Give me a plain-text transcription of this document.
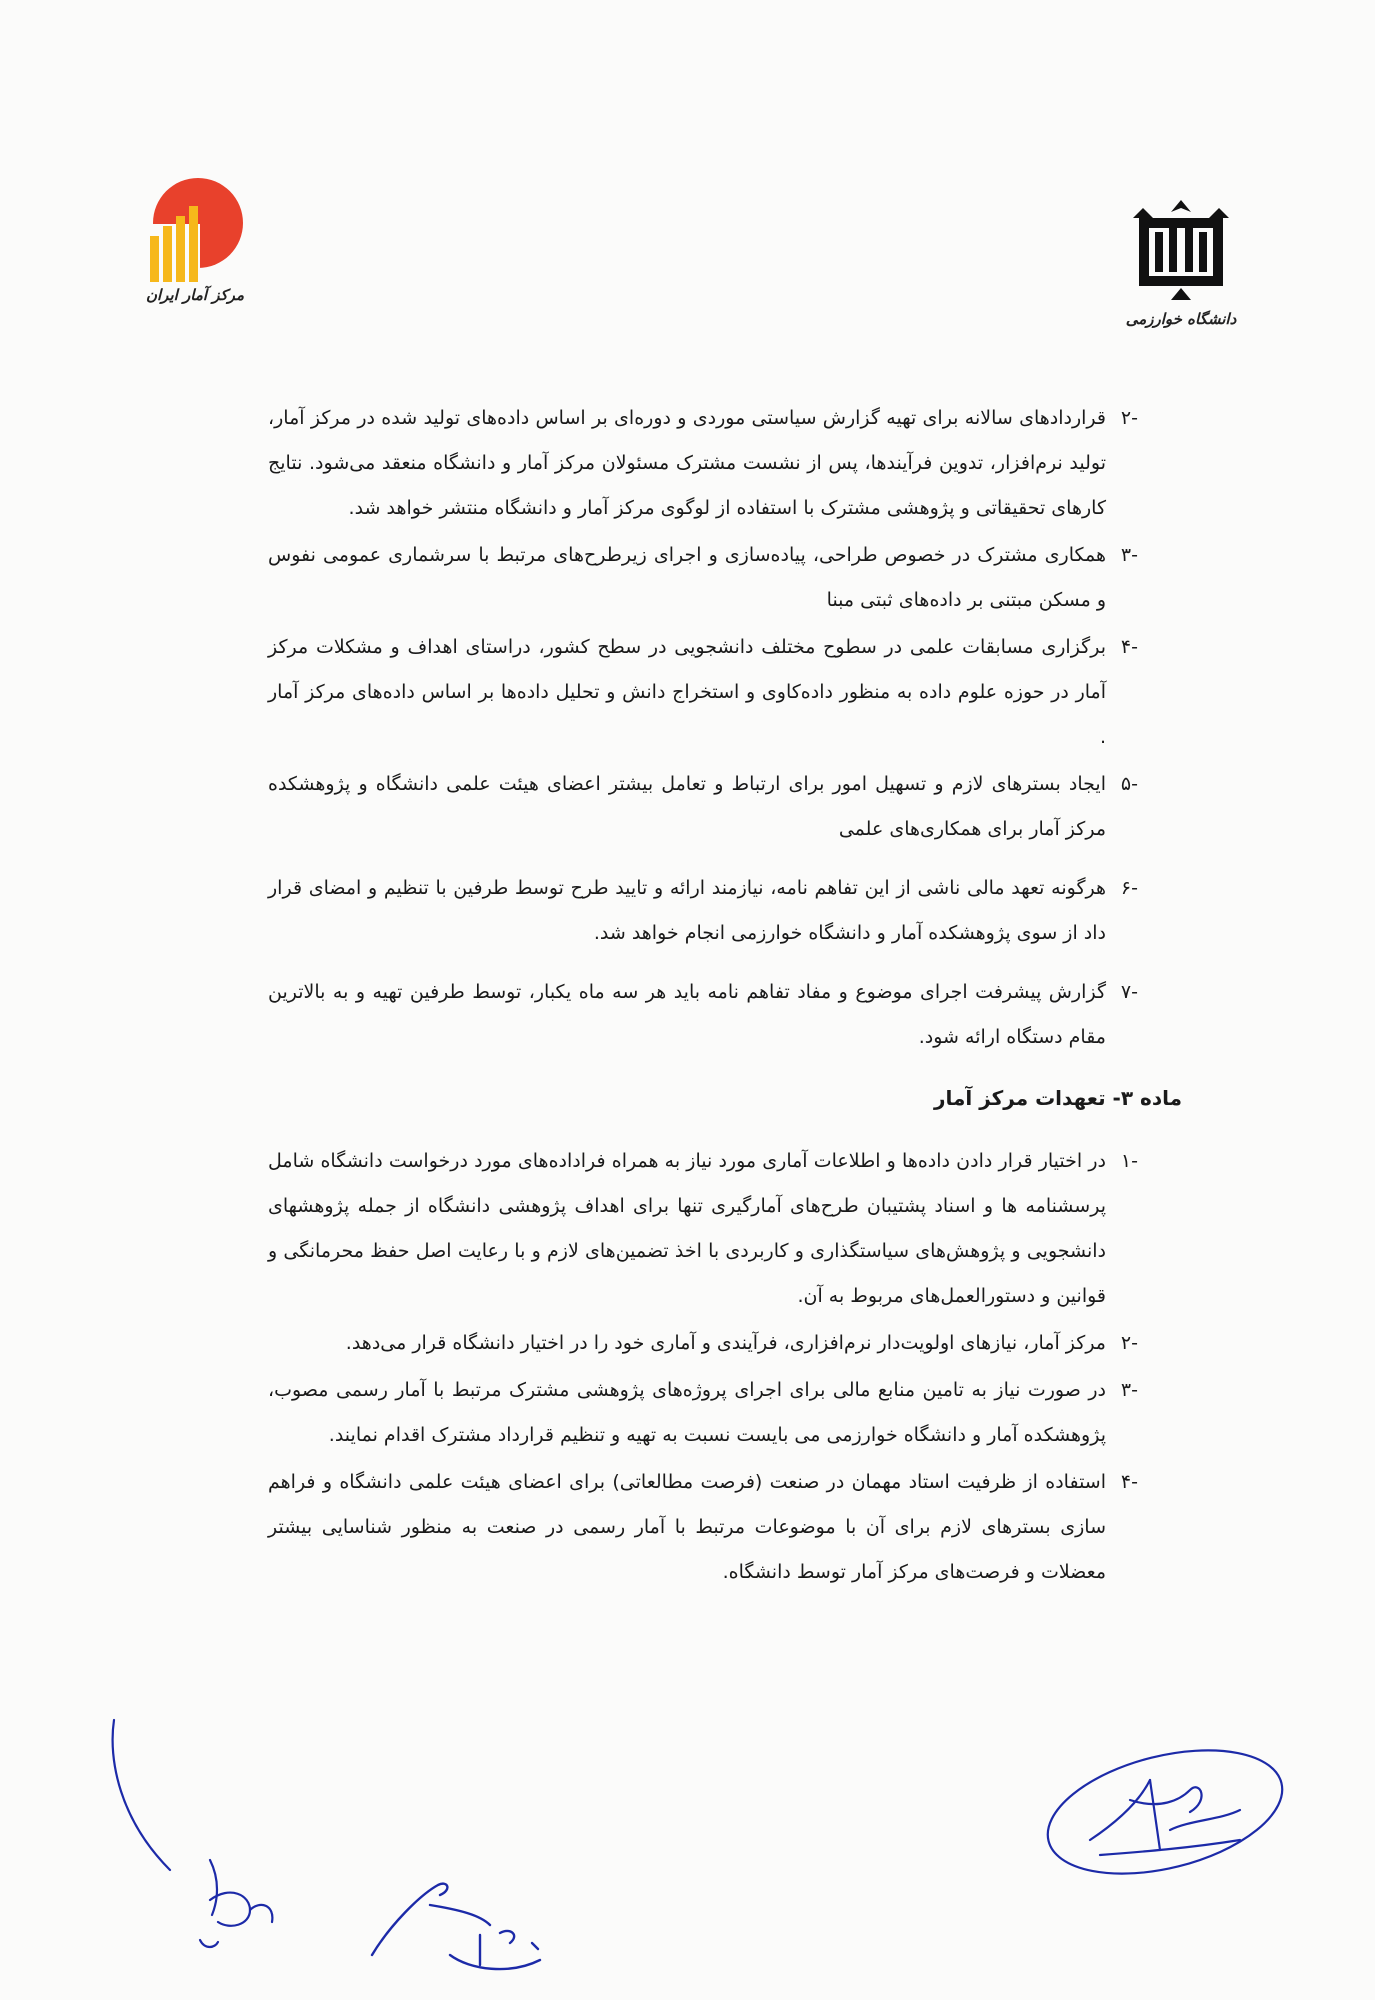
مرکز آمار ایران
دانشگاه خوارزمی
-۲
قراردادهای سالانه برای تهیه گزارش سیاستی موردی و دوره‌ای بر اساس داده‌های تولید شده در مرکز آمار، تولید نرم‌افزار، تدوین فرآیندها، پس از نشست مشترک مسئولان مرکز آمار و دانشگاه منعقد می‌شود. نتایج کارهای تحقیقاتی و پژوهشی مشترک با استفاده از لوگوی مرکز آمار و دانشگاه منتشر خواهد شد.
-۳
همکاری مشترک در خصوص طراحی، پیاده‌سازی و اجرای زیرطرح‌های مرتبط با سرشماری عمومی نفوس و مسکن مبتنی بر داده‌های ثبتی مبنا
-۴
برگزاری مسابقات علمی در سطوح مختلف دانشجویی در سطح کشور، دراستای اهداف و مشکلات مرکز آمار در حوزه علوم داده به منظور داده‌کاوی و استخراج دانش و تحلیل داده‌ها بر اساس داده‌های مرکز آمار .
-۵
ایجاد بسترهای لازم و تسهیل امور برای ارتباط و تعامل بیشتر اعضای هیئت علمی دانشگاه و پژوهشکده مرکز آمار برای همکاری‌های علمی
-۶
هرگونه تعهد مالی ناشی از این تفاهم نامه، نیازمند ارائه و تایید طرح توسط طرفین با تنظیم و امضای قرار داد از سوی پژوهشکده آمار و دانشگاه خوارزمی انجام خواهد شد.
-۷
گزارش پیشرفت اجرای موضوع و مفاد تفاهم نامه باید هر سه ماه یکبار، توسط طرفین تهیه و به بالاترین مقام دستگاه ارائه شود.
ماده ۳- تعهدات مرکز آمار
-۱
در اختیار قرار دادن داده‌ها و اطلاعات آماری مورد نیاز به همراه فراداده‌های مورد درخواست دانشگاه شامل پرسشنامه ها و اسناد پشتیبان طرح‌های آمارگیری تنها برای اهداف پژوهشی دانشگاه از جمله پژوهشهای دانشجویی و پژوهش‌های سیاستگذاری و کاربردی با اخذ تضمین‌های لازم و با رعایت اصل حفظ محرمانگی و قوانین و دستورالعمل‌های مربوط به آن.
-۲
مرکز آمار، نیازهای اولویت‌دار نرم‌افزاری، فرآیندی و آماری خود را در اختیار دانشگاه قرار می‌دهد.
-۳
در صورت نیاز به تامین منابع مالی برای اجرای پروژه‌های پژوهشی مشترک مرتبط با آمار رسمی مصوب، پژوهشکده آمار و دانشگاه خوارزمی می بایست نسبت به تهیه و تنظیم قرارداد مشترک اقدام نمایند.
-۴
استفاده از ظرفیت استاد مهمان در صنعت (فرصت مطالعاتی) برای اعضای هیئت علمی دانشگاه و فراهم سازی بسترهای لازم برای آن با موضوعات مرتبط با آمار رسمی در صنعت به منظور شناسایی بیشتر معضلات و فرصت‌های مرکز آمار توسط دانشگاه.
